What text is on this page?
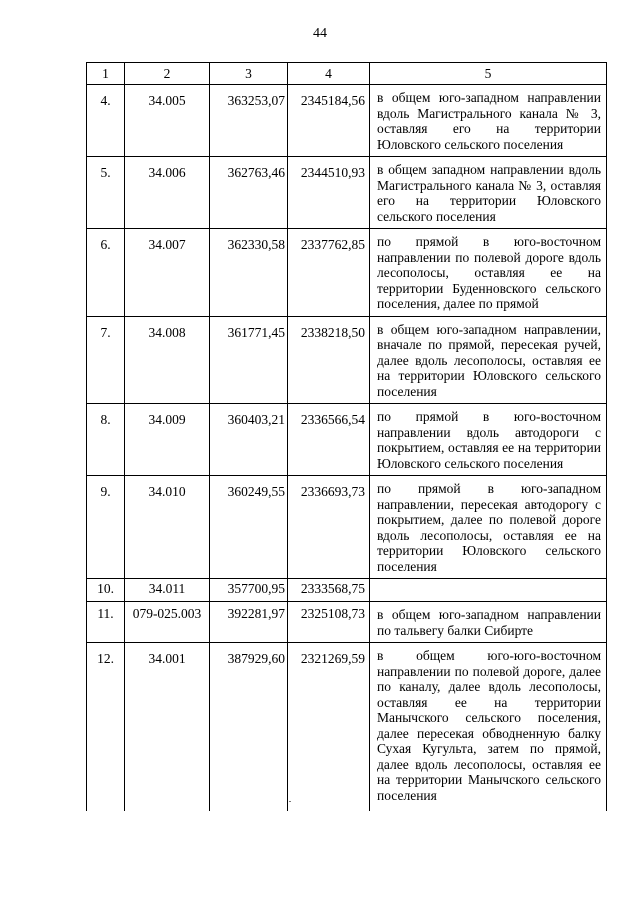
44
1	2	3	4	5
4.	34.005	363253,07	2345184,56	в общем юго-западном направлении вдоль Магистрального канала № 3, оставляя его на территории Юловского сельского поселения

5.	34.006	362763,46	2344510,93	в общем западном направлении вдоль Магистрального канала № 3, оставляя его на территории Юловского сельского поселения

6.	34.007	362330,58	2337762,85	по прямой в юго-восточном направлении по полевой дороге вдоль лесополосы, оставляя ее на территории Буденновского сельского поселения, далее по прямой

7.	34.008	361771,45	2338218,50	в общем юго-западном направлении, вначале по прямой, пересекая ручей, далее вдоль лесополосы, оставляя ее на территории Юловского сельского поселения

8.	34.009	360403,21	2336566,54	по прямой в юго-восточном направлении вдоль автодороги с покрытием, оставляя ее на территории Юловского сельского поселения

9.	34.010	360249,55	2336693,73	по прямой в юго-западном направлении, пересекая автодорогу с покрытием, далее по полевой дороге вдоль лесополосы, оставляя ее на территории Юловского сельского поселения

10.	34.011	357700,95	2333568,75	

11.	079-025.003	392281,97	2325108,73	в общем юго-западном направлении по тальвегу балки Сибирте

12.	34.001	387929,60	2321269,59	в общем юго-юго-восточном направлении по полевой дороге, далее по каналу, далее вдоль лесополосы, оставляя ее на территории Манычского сельского поселения, далее пересекая обводненную балку Сухая Кугульта, затем по прямой, далее вдоль лесополосы, оставляя ее на территории Манычского сельского поселения
